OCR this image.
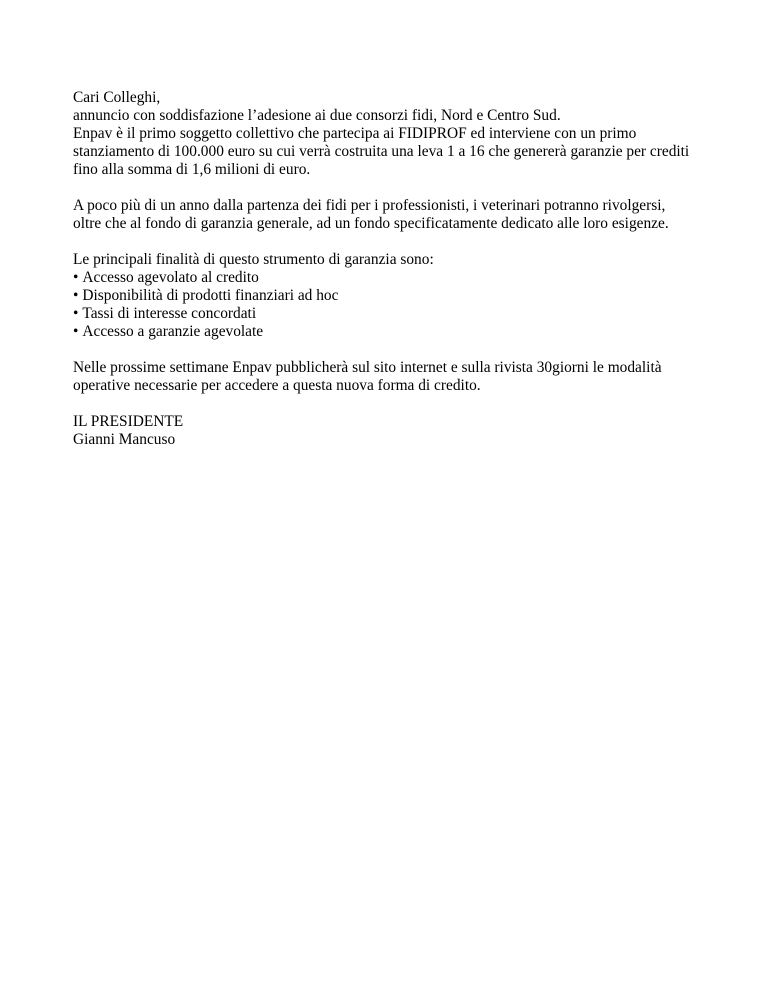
Cari Colleghi,
annuncio con soddisfazione l’adesione ai due consorzi fidi, Nord e Centro Sud.
Enpav è il primo soggetto collettivo che partecipa ai FIDIPROF ed interviene con un primo
stanziamento di 100.000 euro su cui verrà costruita una leva 1 a 16 che genererà garanzie per crediti
fino alla somma di 1,6 milioni di euro.

A poco più di un anno dalla partenza dei fidi per i professionisti, i veterinari potranno rivolgersi,
oltre che al fondo di garanzia generale, ad un fondo specificatamente dedicato alle loro esigenze.

Le principali finalità di questo strumento di garanzia sono:
• Accesso agevolato al credito
• Disponibilità di prodotti finanziari ad hoc
• Tassi di interesse concordati
• Accesso a garanzie agevolate

Nelle prossime settimane Enpav pubblicherà sul sito internet e sulla rivista 30giorni le modalità
operative necessarie per accedere a questa nuova forma di credito.

IL PRESIDENTE
Gianni Mancuso
